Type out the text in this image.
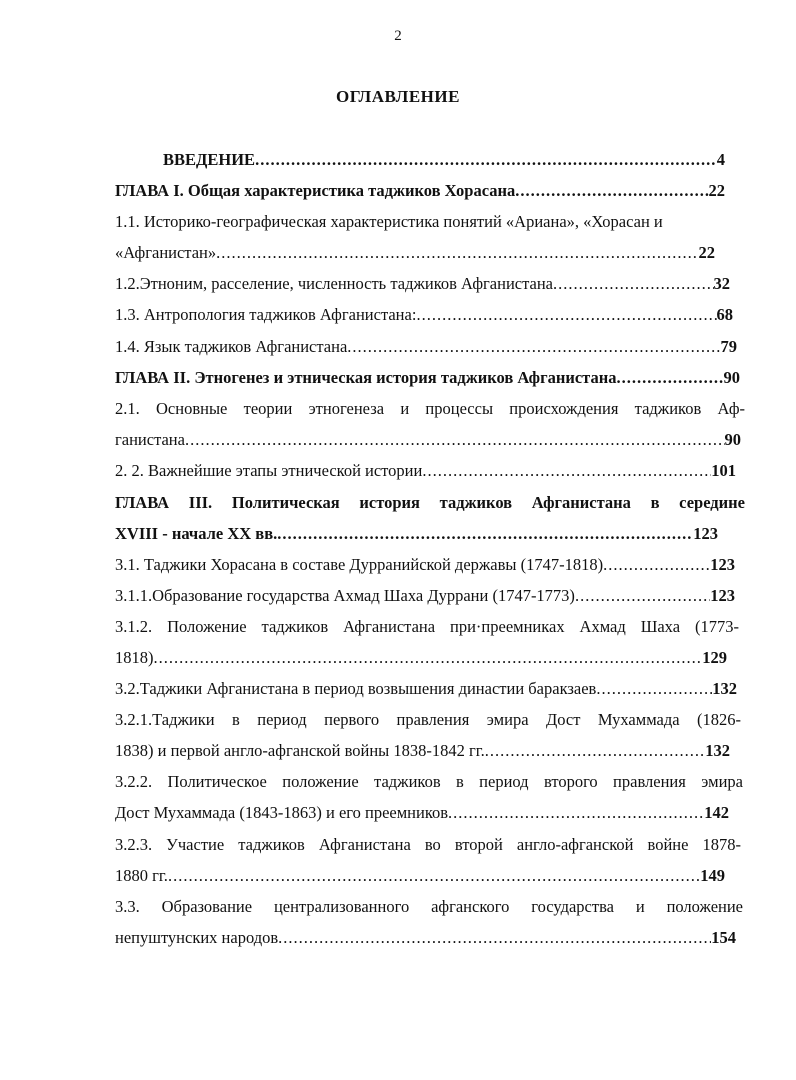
2
ОГЛАВЛЕНИЕ
ВВЕДЕНИЕ .....	4
ГЛАВА I. Общая характеристика таджиков Хорасана .....	22
1.1. Историко-географическая характеристика понятий «Ариана», «Хорасан и
«Афганистан» .....	22
1.2.Этноним, расселение, численность таджиков Афганистана .....	32
1.3. Антропология таджиков Афганистана: .....	68
1.4. Язык таджиков Афганистана .....	79
ГЛАВА II. Этногенез и этническая история таджиков Афганистана .....	90
2.1. Основные теории этногенеза и процессы происхождения таджиков Аф-
ганистана .....	90
2. 2. Важнейшие этапы этнической истории .....	101
ГЛАВА III. Политическая история таджиков Афганистана в середине
XVIII - начале XX вв. .....	123
3.1. Таджики Хорасана в составе Дурранийской державы (1747-1818) .....	123
3.1.1.Образование государства Ахмад Шаха Дуррани (1747-1773) .....	123
3.1.2. Положение таджиков Афганистана при·преемниках Ахмад Шаха (1773-
1818) .....	129
3.2.Таджики Афганистана в период возвышения династии баракзаев .....	132
3.2.1.Таджики в период первого правления эмира Дост Мухаммада (1826-
1838) и первой англо-афганской войны 1838-1842 гг. .....	132
3.2.2. Политическое положение таджиков в период второго правления эмира
Дост Мухаммада (1843-1863) и его преемников .....	142
3.2.3. Участие таджиков Афганистана во второй англо-афганской войне 1878-
1880 гг. .....	149
3.3. Образование централизованного афганского государства и положение
непуштунских народов .....	154
